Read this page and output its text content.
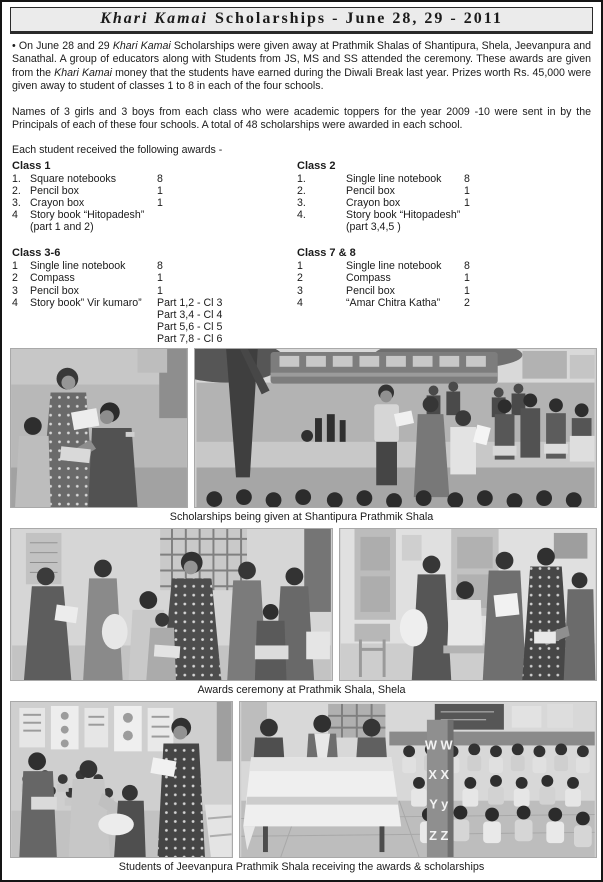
Khari Kamai Scholarships - June 28, 29 - 2011

• On June 28 and 29 Khari Kamai Scholarships were given away at Prathmik Shalas of Shantipura, Shela, Jeevanpura and Sanathal. A group of educators along with Students from JS, MS and SS attended the ceremony. These awards are given from the Khari Kamai money that the students have earned during the Diwali Break last year. Prizes worth Rs. 45,000 were given away to student of classes 1 to 8 in each of the four schools.

Names of 3 girls and 3 boys from each class who were academic toppers for the year 2009 -10 were sent in by the Principals of each of these four schools. A total of 48 scholarships were awarded in each school.

Each student received the following awards -

Class 1
1. Square notebooks	8
2. Pencil box	1
3. Crayon box	1
4	Story book “Hitopadesh”
(part 1 and 2)
Class 3-6
1	Single line notebook	8
2	Compass	1
3	Pencil box	1
4	Story book” Vir kumaro”	Part 1,2 - Cl 3
Part 3,4 - Cl 4
Part 5,6 - Cl 5
Part 7,8 - Cl 6
Class 2
1.	Single line notebook	8
2.	Pencil box	1
3.	Crayon box	1
4.	Story book “Hitopadesh”
(part 3,4,5 )
Class 7 & 8
1	Single line notebook	8
2	Compass	1
3	Pencil box	1
4	“Amar Chitra Katha”	2
Scholarships being given at Shantipura Prathmik Shala
Awards ceremony at Prathmik Shala, Shela
W W
X X
Y y
Z Z
Students of Jeevanpura Prathmik Shala receiving the awards & scholarships
